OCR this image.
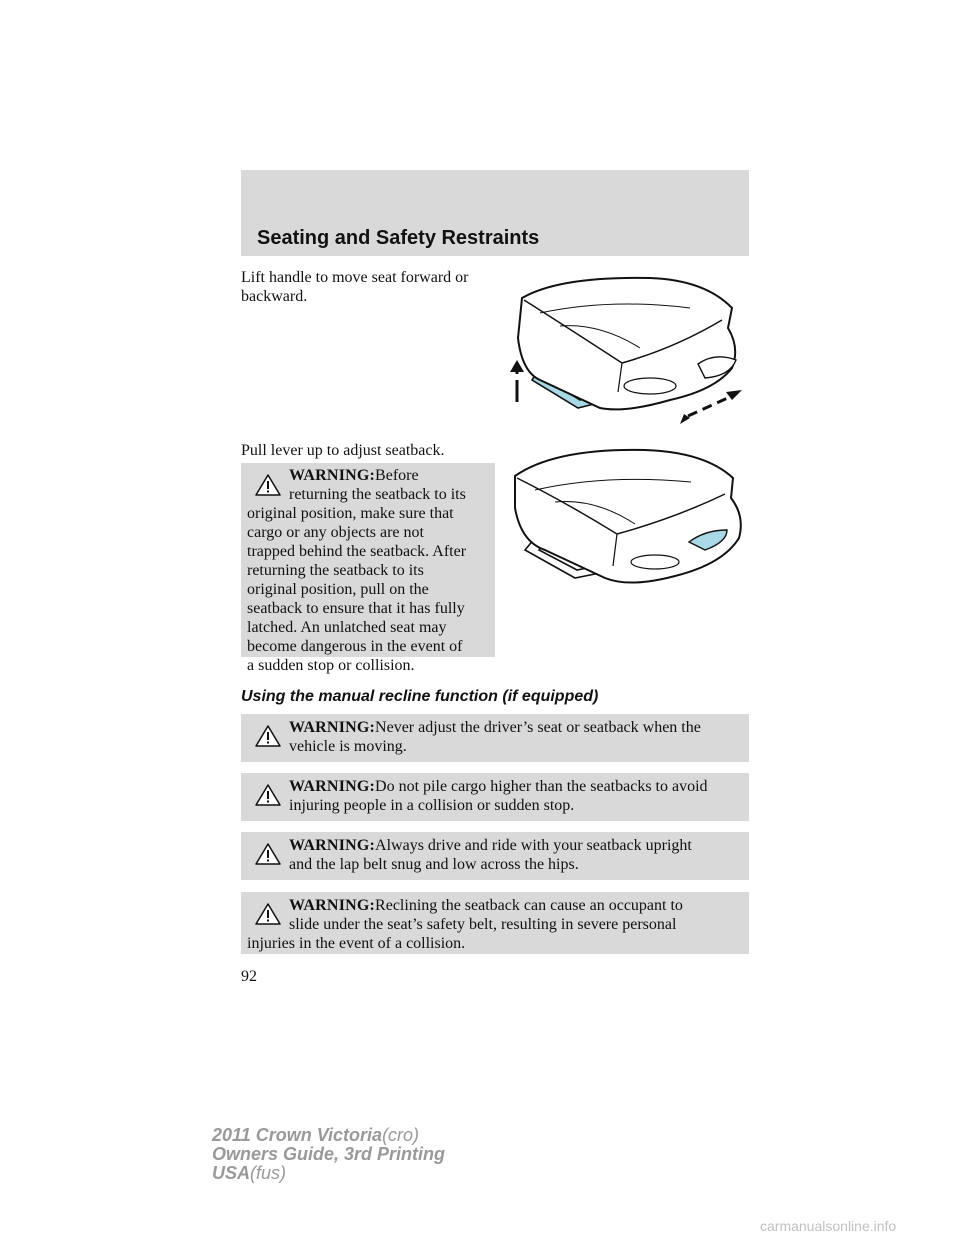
Seating and Safety Restraints
Lift handle to move seat forward or
backward.
Pull lever up to adjust seatback.
WARNING:Before
returning the seatback to its
original position, make sure that
cargo or any objects are not
trapped behind the seatback. After
returning the seatback to its
original position, pull on the
seatback to ensure that it has fully
latched. An unlatched seat may
become dangerous in the event of
a sudden stop or collision.
Using the manual recline function (if equipped)
WARNING:Never adjust the driver’s seat or seatback when the
vehicle is moving.
WARNING:Do not pile cargo higher than the seatbacks to avoid
injuring people in a collision or sudden stop.
WARNING:Always drive and ride with your seatback upright
and the lap belt snug and low across the hips.
WARNING:Reclining the seatback can cause an occupant to
slide under the seat’s safety belt, resulting in severe personal
injuries in the event of a collision.
92
2011 Crown Victoria(cro)
Owners Guide, 3rd Printing
USA(fus)
carmanualsonline.info
